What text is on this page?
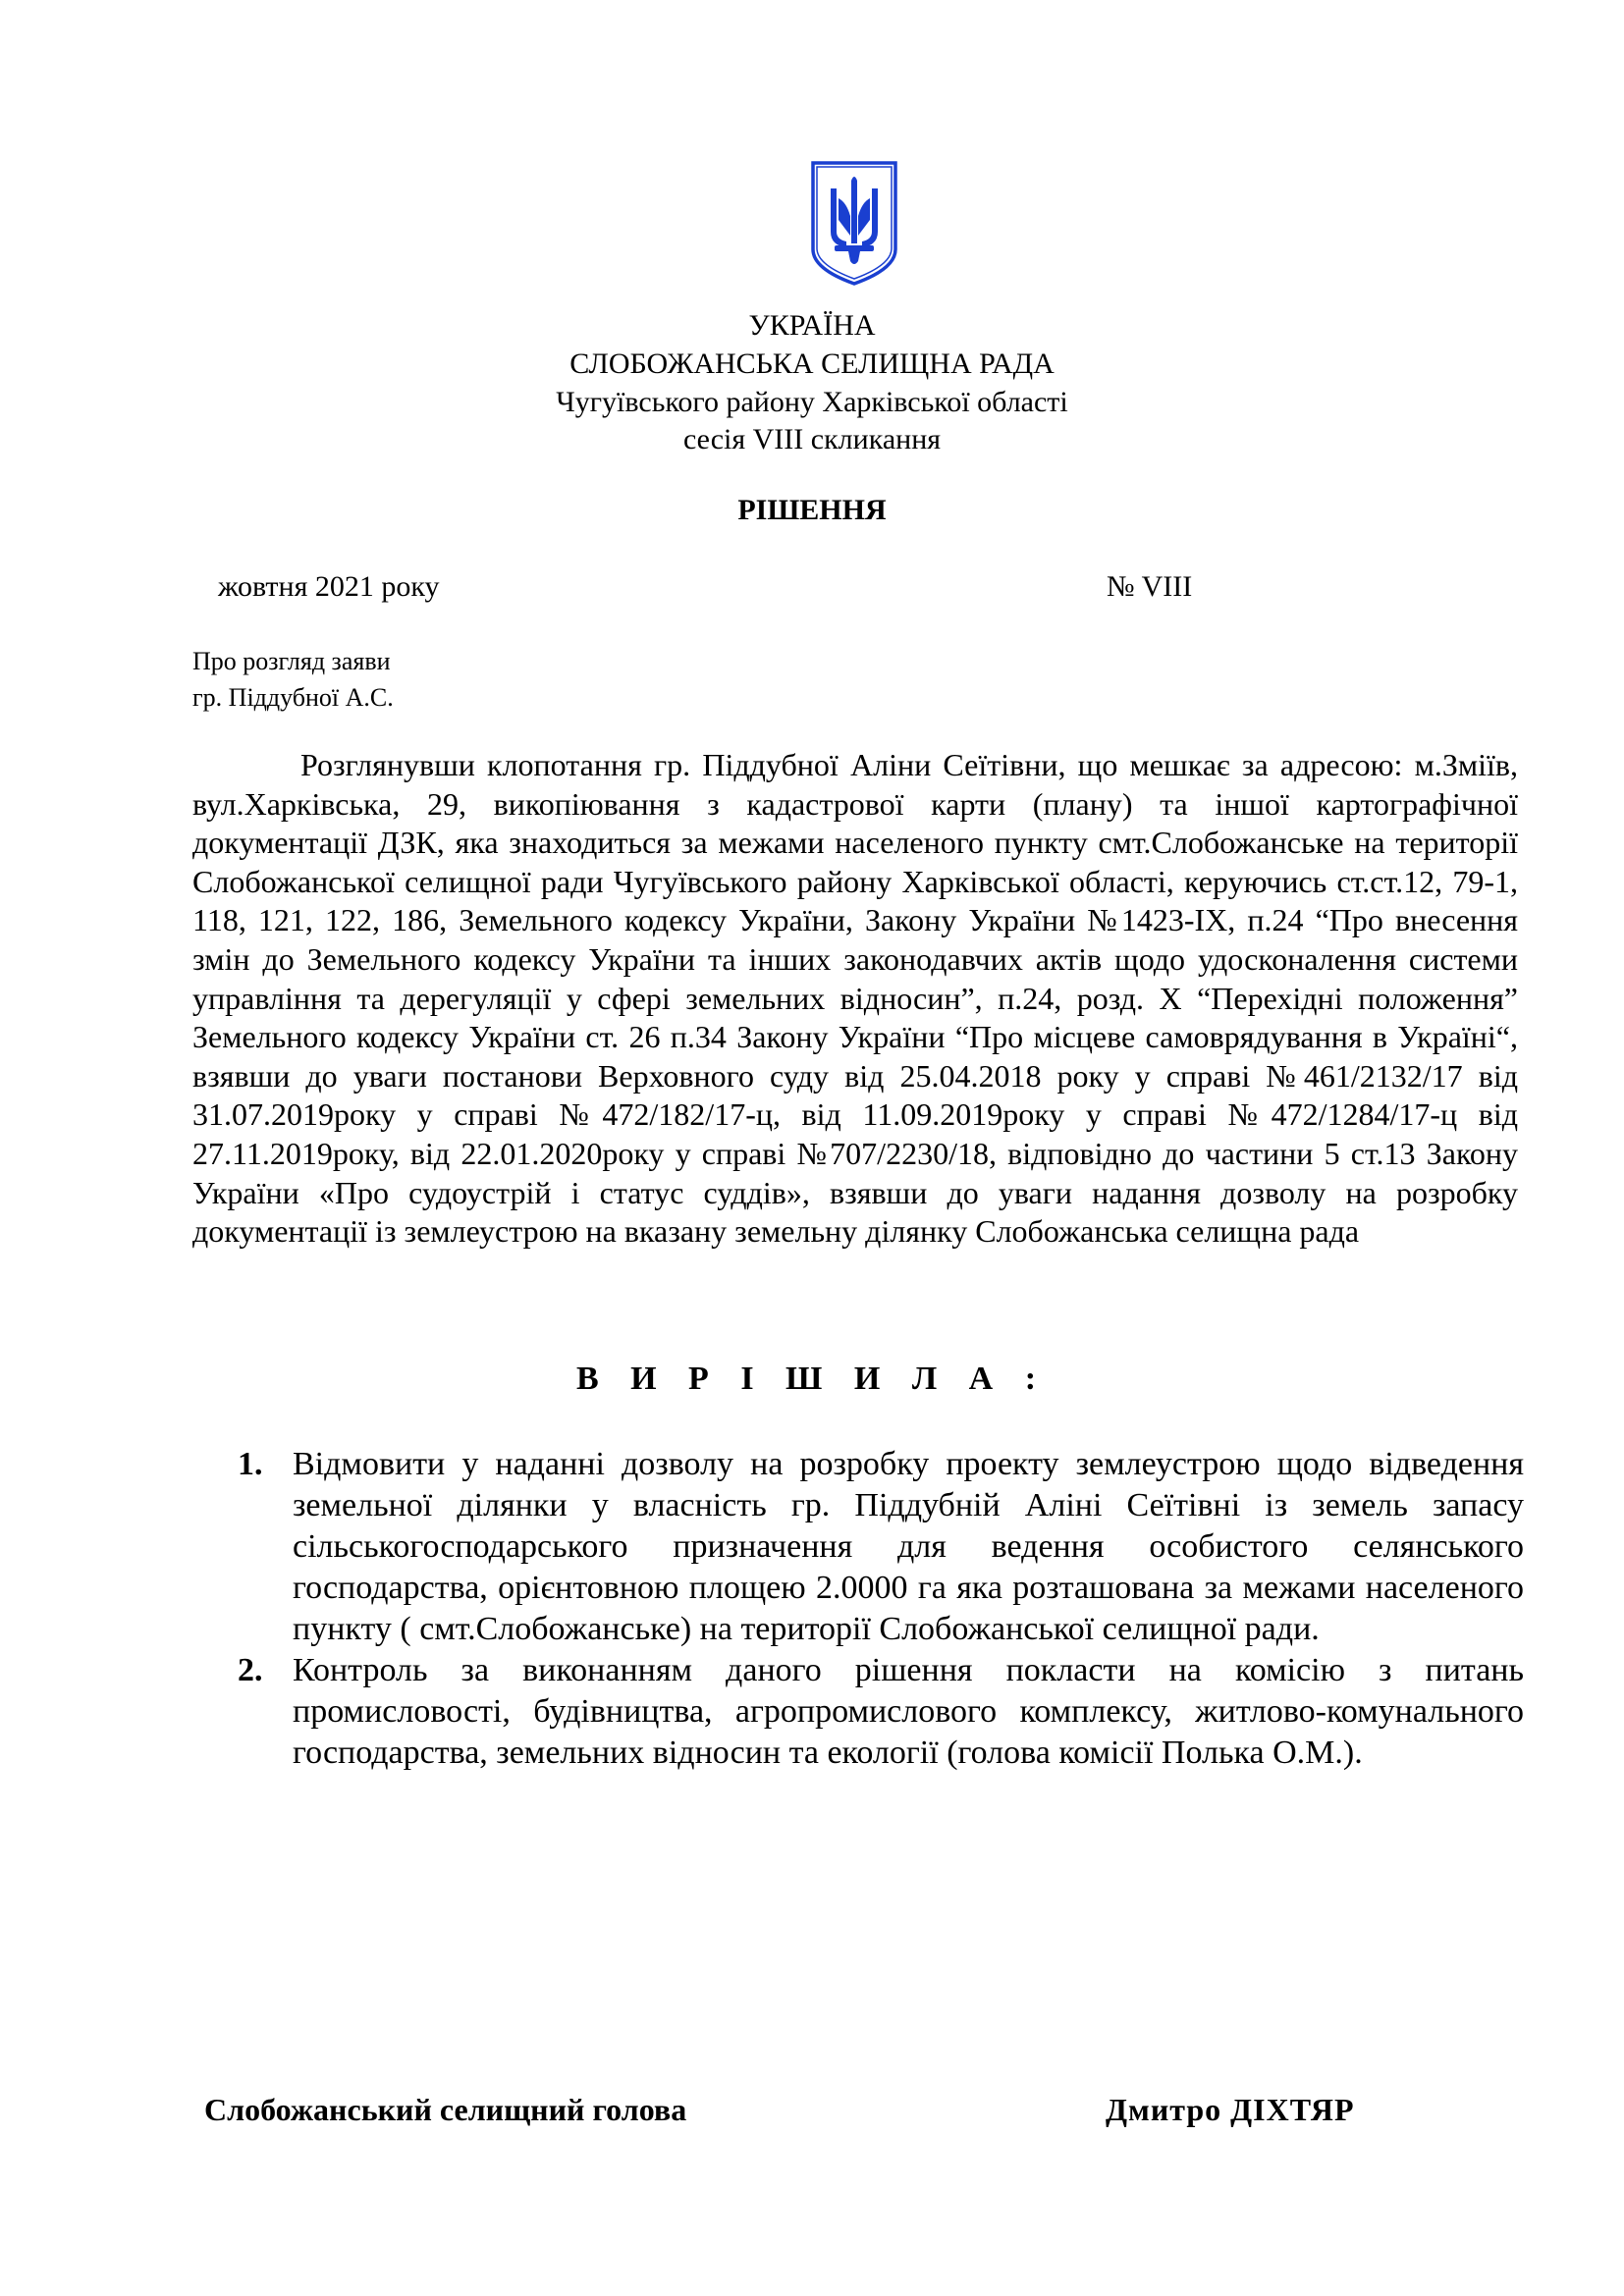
УКРАЇНА
СЛОБОЖАНСЬКА СЕЛИЩНА РАДА
Чугуївського району Харківської області
сесія VIII скликання
РІШЕННЯ
жовтня 2021 року	№ VIII
Про розгляд заяви
гр. Піддубної А.С.
Розглянувши клопотання гр. Піддубної Аліни Сеїтівни, що мешкає за адресою: м.Зміїв, вул.Харківська, 29, викопіювання з кадастрової карти (плану) та іншої картографічної документації ДЗК, яка знаходиться за межами населеного пункту смт.Слобожанське на території Слобожанської селищної ради Чугуївського району Харківської області, керуючись ст.ст.12, 79-1, 118, 121, 122, 186, Земельного кодексу України, Закону України №1423-IX, п.24 “Про внесення змін до Земельного кодексу України та інших законодавчих актів щодо удосконалення системи управління та дерегуляції у сфері земельних відносин”, п.24, розд. X “Перехідні положення” Земельного кодексу України ст. 26 п.34 Закону України “Про місцеве самоврядування в Україні“, взявши до уваги постанови Верховного суду від 25.04.2018 року у справі №461/2132/17 від 31.07.2019року у справі №472/182/17-ц, від 11.09.2019року у справі №472/1284/17-ц від 27.11.2019року, від 22.01.2020року у справі №707/2230/18, відповідно до частини 5 ст.13 Закону України «Про судоустрій і статус суддів», взявши до уваги надання дозволу на розробку документації із землеустрою на вказану земельну ділянку Слобожанська селищна рада
В И Р І Ш И Л А :
1. Відмовити у наданні дозволу на розробку проекту землеустрою щодо відведення земельної ділянки у власність гр. Піддубній Аліні Сеїтівні із земель запасу сільськогосподарського призначення для ведення особистого селянського господарства, орієнтовною площею 2.0000 га яка розташована за межами населеного пункту ( смт.Слобожанське) на території Слобожанської селищної ради.
2. Контроль за виконанням даного рішення покласти на комісію з питань промисловості, будівництва, агропромислового комплексу, житлово-комунального господарства, земельних відносин та екології (голова комісії Полька О.М.).
Слобожанський селищний голова	Дмитро ДІХТЯР
